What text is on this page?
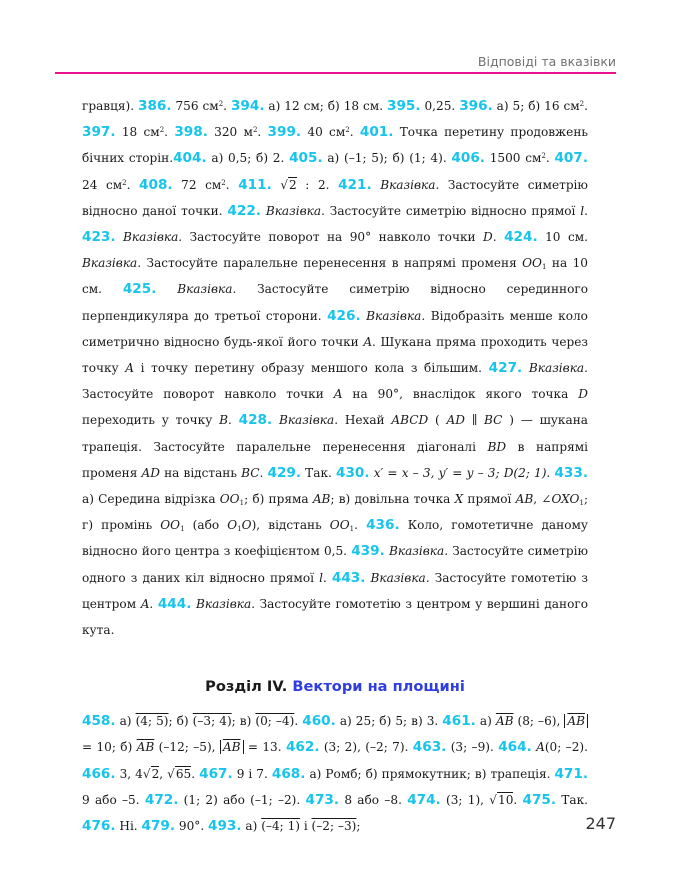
Відповіді та вказівки

гравця). 386. 756 $см^2$. 394. а) 12 см; б) 18 см. 395. 0,25. 396. а) 5; б) 16 $см^2$. 397. 18 $см^2$. 398. 320 $м^2$. 399. 40 $см^2$. 401. Точка перетину продовжень бічних сторін.404. а) 0,5; б) 2. 405. а) (–1; 5); б) (1; 4). 406. 1500 $см^2$. 407. 24 $см^2$. 408. 72 $см^2$. 411. √2 : 2. 421. Вказівка. Застосуйте симетрію відносно даної точки. 422. Вказівка. Застосуйте симетрію відносно прямої l. 423. Вказівка. Застосуйте поворот на 90° навколо точки D. 424. 10 см. Вказівка. Застосуйте паралельне перенесення в напрямі променя $OO_1$ на 10 см. 425. Вказівка. Застосуйте симетрію відносно серединного перпендикуляра до третьої сторони. 426. Вказівка. Відобразіть менше коло симетрично відносно будь-якої його точки A. Шукана пряма проходить через точку A і точку перетину образу меншого кола з більшим. 427. Вказівка. Застосуйте поворот навколо точки A на 90°, внаслідок якого точка D переходить у точку B. 428. Вказівка. Нехай ABCD ( AD ∥ BC ) — шукана трапеція. Застосуйте паралельне перенесення діагоналі BD в напрямі променя AD на відстань BC. 429. Так. 430. x′ = x – 3, y′ = y – 3; D(2; 1). 433. а) Середина відрізка $OO_1$; б) пряма AB; в) довільна точка X прямої AB, $\angle OXO_1$; г) промінь $OO_1$ (або $O_1O$), відстань $OO_1$. 436. Коло, гомотетичне даному відносно його центра з коефіцієнтом 0,5. 439. Вказівка. Застосуйте симетрію одного з даних кіл відносно прямої l. 443. Вказівка. Застосуйте гомотетію з центром A. 444. Вказівка. Застосуйте гомотетію з центром у вершині даного кута.

Розділ IV. Вектори на площині

458. а) (4; 5); б) (–3; 4); в) (0; –4). 460. а) 25; б) 5; в) 3. 461. а) $\overline{AB}$ (8; –6), $\overline{AB} = 10$; б) $\overline{AB}$ (–12; –5), $\overline{AB} = 13$. 462. (3; 2), (–2; 7). 463. (3; –9). 464. A(0; –2). 466. 3, 4√2, √65. 467. 9 і 7. 468. а) Ромб; б) прямокутник; в) трапеція. 471. 9 або –5. 472. (1; 2) або (–1; –2). 473. 8 або –8. 474. (3; 1), √10. 475. Так. 476. Ні. 479. 90°. 493. а) (–4; 1) і (–2; –3);	247
